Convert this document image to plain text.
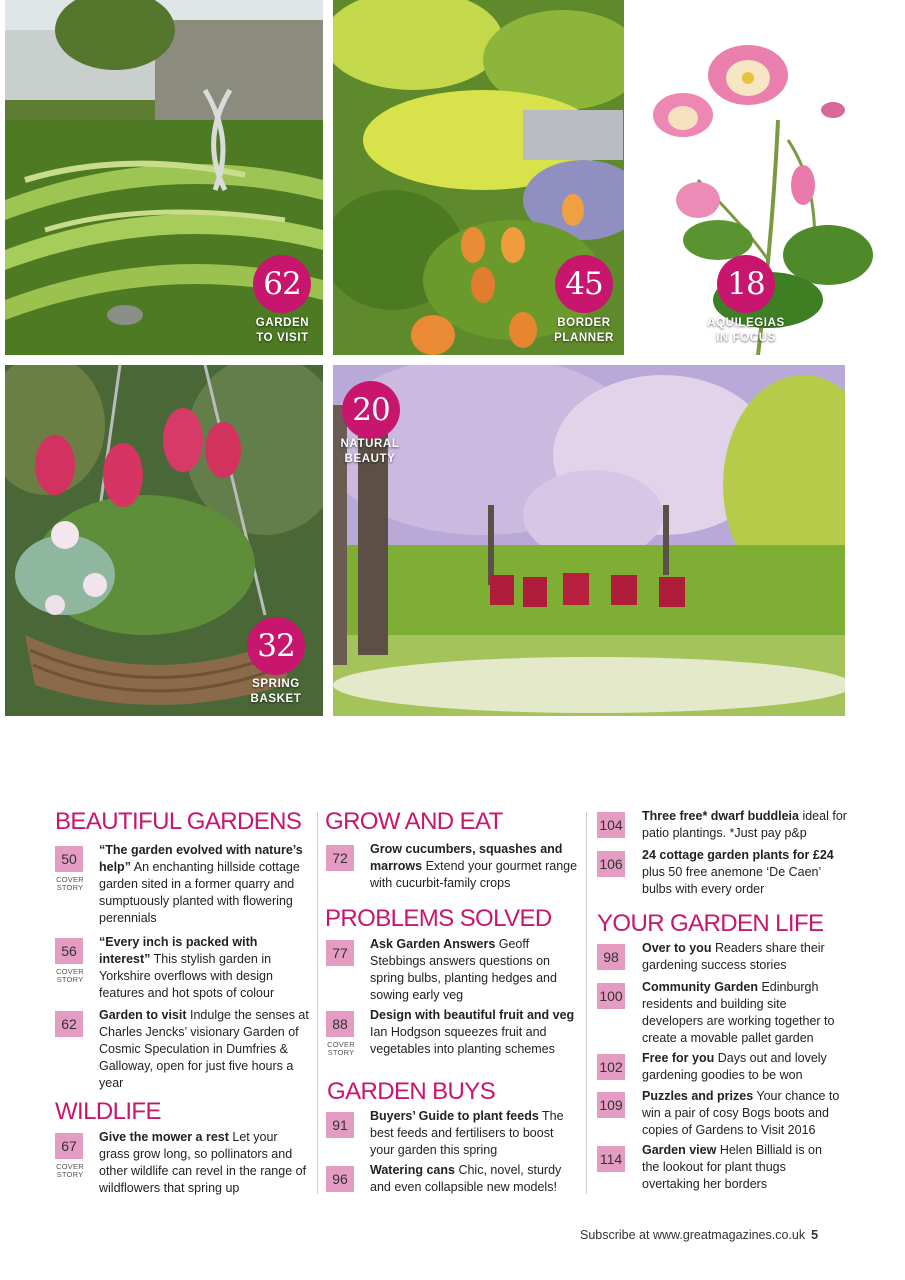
62
GARDEN
TO VISIT
45
BORDER
PLANNER
18
AQUILEGIAS
IN FOCUS
32
SPRING
BASKET
20
NATURAL
BEAUTY
BEAUTIFUL GARDENS
50
COVER
STORY
“The garden evolved with nature’s help” An enchanting hillside cottage garden sited in a former quarry and sumptuously planted with flowering perennials
56
COVER
STORY
“Every inch is packed with interest” This stylish garden in Yorkshire overflows with design features and hot spots of colour
62
Garden to visit Indulge the senses at Charles Jencks’ visionary Garden of Cosmic Speculation in Dumfries & Galloway, open for just five hours a year
WILDLIFE
67
COVER
STORY
Give the mower a rest Let your grass grow long, so pollinators and other wildlife can revel in the range of wildflowers that spring up
GROW AND EAT
72
Grow cucumbers, squashes and marrows Extend your gourmet range with cucurbit-family crops
PROBLEMS SOLVED
77
Ask Garden Answers Geoff Stebbings answers questions on spring bulbs, planting hedges and sowing early veg
88
COVER
STORY
Design with beautiful fruit and veg Ian Hodgson squeezes fruit and vegetables into planting schemes
GARDEN BUYS
91
Buyers’ Guide to plant feeds The best feeds and fertilisers to boost your garden this spring
96
Watering cans Chic, novel, sturdy and even collapsible new models!
104
Three free* dwarf buddleia ideal for patio plantings. *Just pay p&p
106
24 cottage garden plants for £24 plus 50 free anemone ‘De Caen’ bulbs with every order
YOUR GARDEN LIFE
98
Over to you Readers share their gardening success stories
100
Community Garden Edinburgh residents and building site developers are working together to create a movable pallet garden
102
Free for you Days out and lovely gardening goodies to be won
109
Puzzles and prizes Your chance to win a pair of cosy Bogs boots and copies of Gardens to Visit 2016
114
Garden view Helen Billiald is on the lookout for plant thugs overtaking her borders
Subscribe at www.greatmagazines.co.uk 5
